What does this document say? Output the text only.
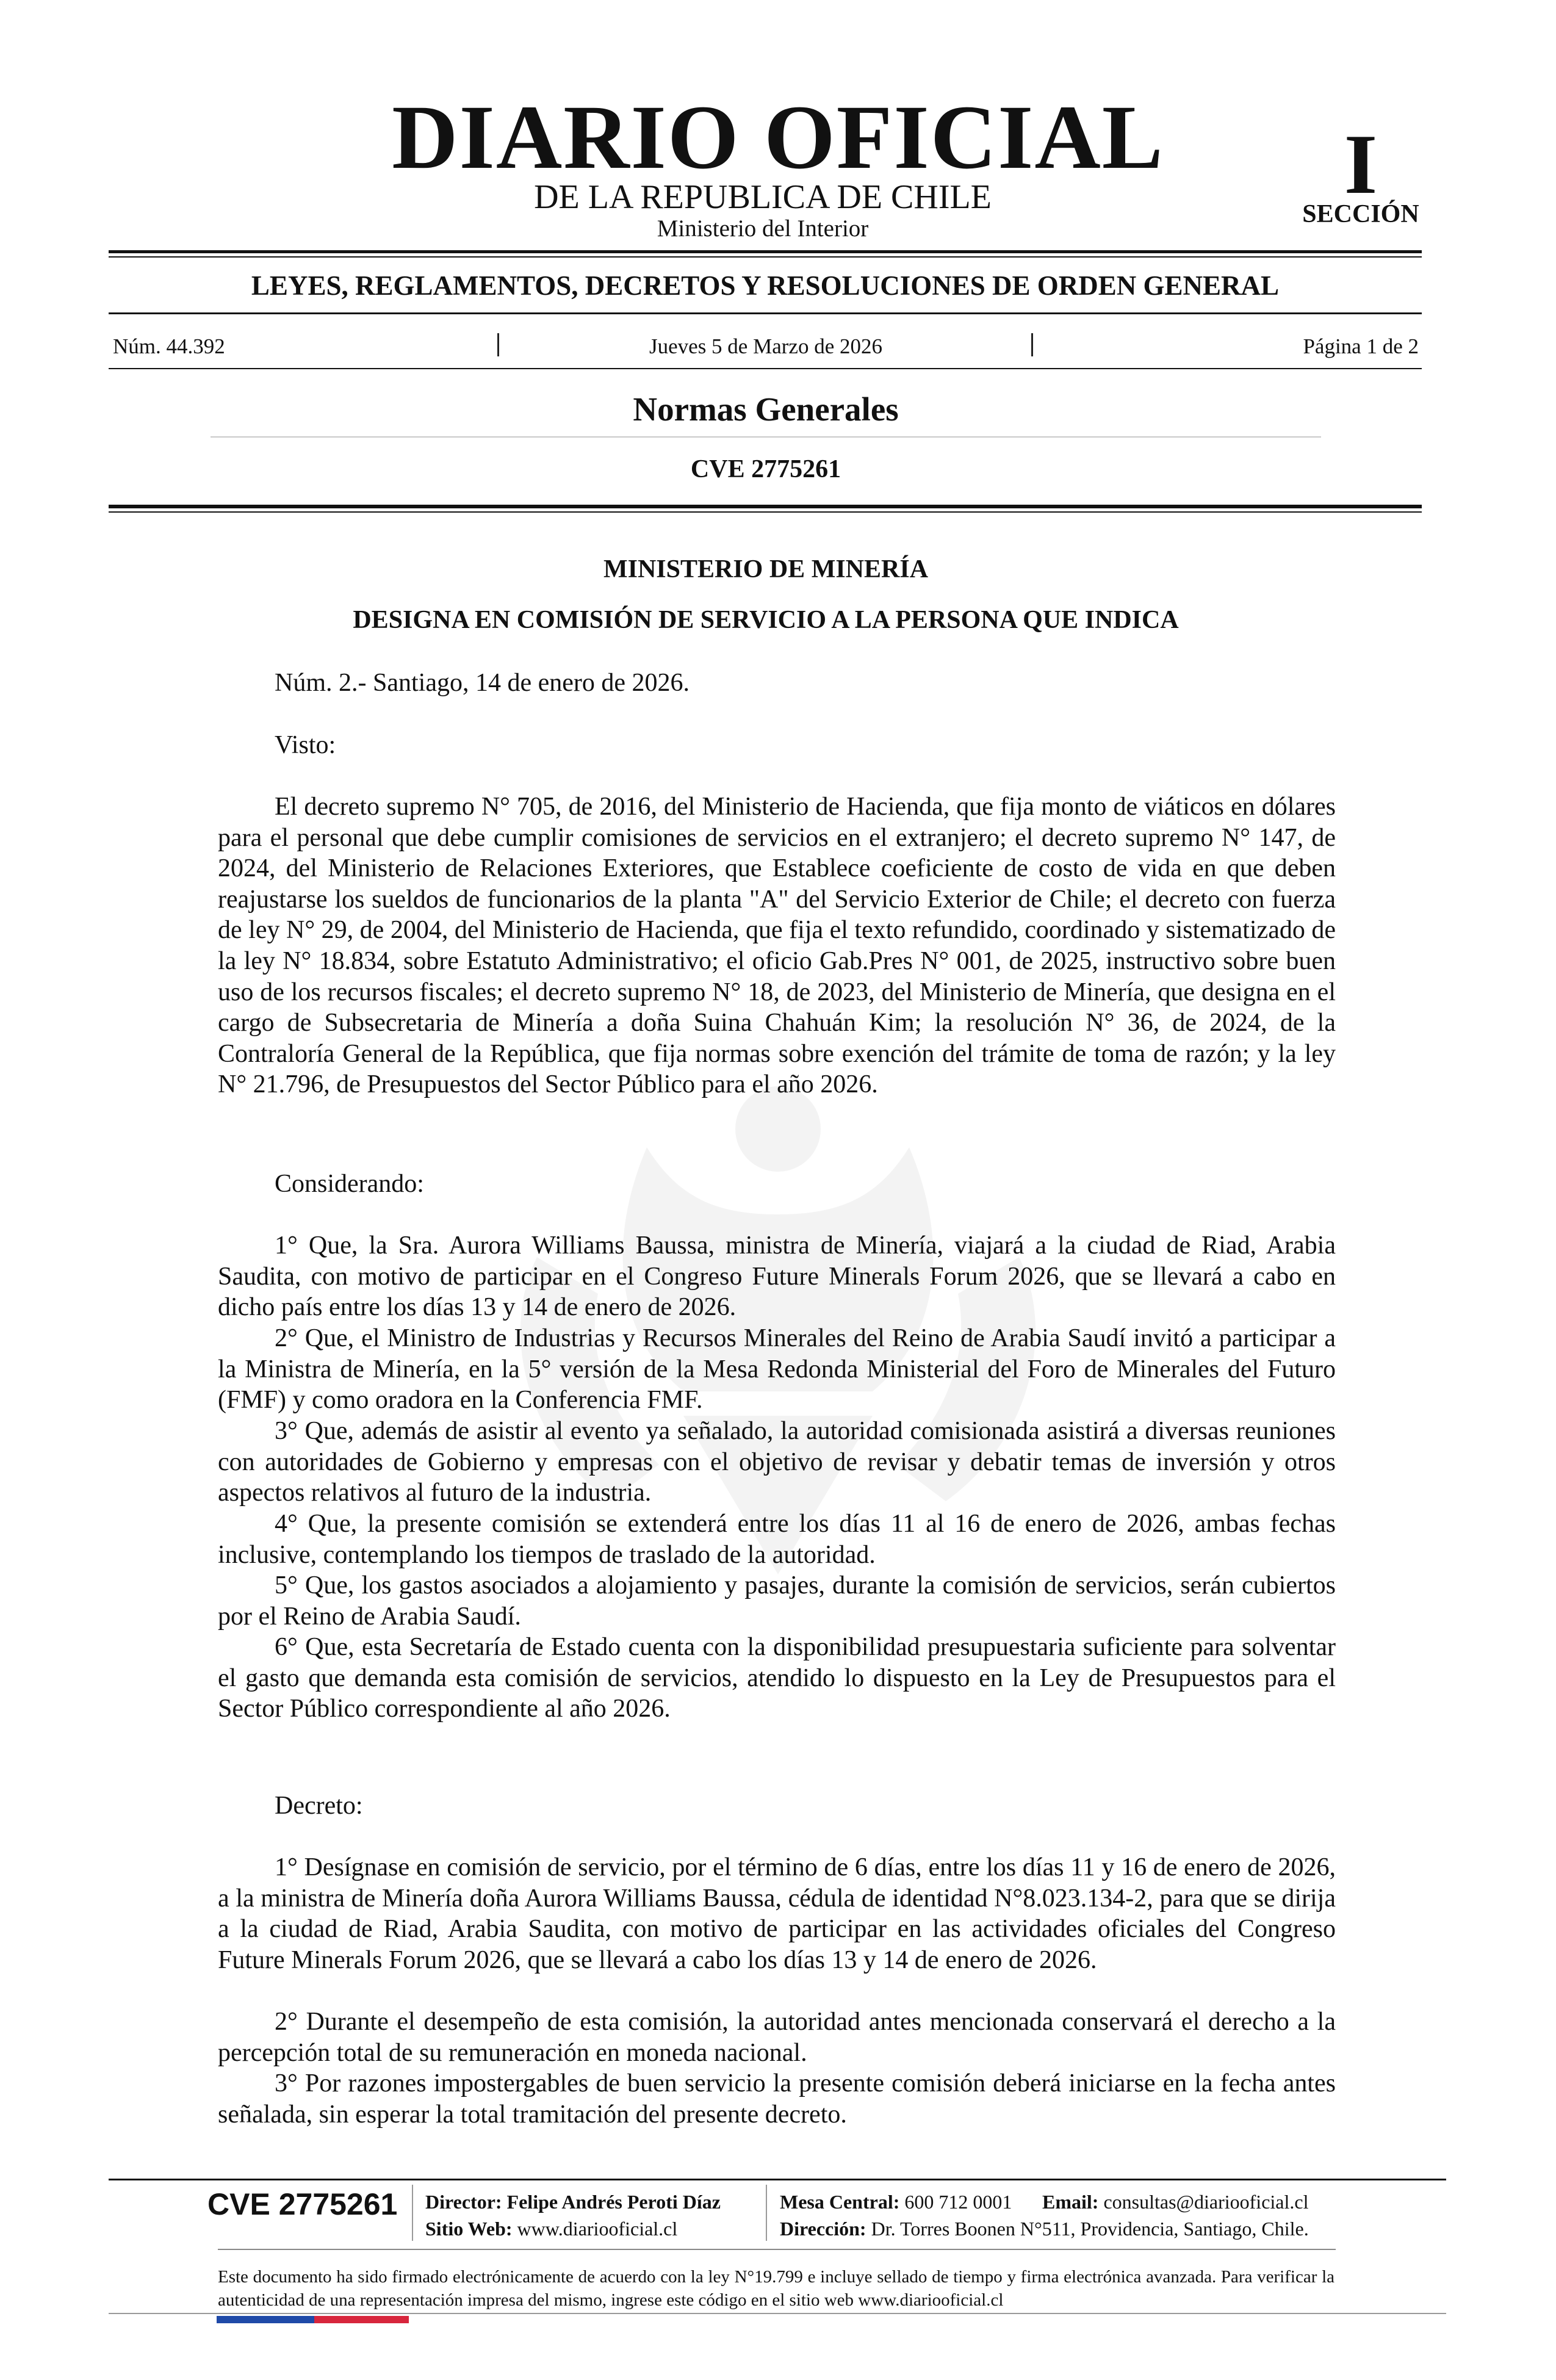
DIARIO OFICIAL
DE LA REPUBLICA DE CHILE
Ministerio del Interior
I
SECCIÓN
LEYES, REGLAMENTOS, DECRETOS Y RESOLUCIONES DE ORDEN GENERAL
Núm. 44.392	Jueves 5 de Marzo de 2026	Página 1 de 2
Normas Generales
CVE 2775261
MINISTERIO DE MINERÍA
DESIGNA EN COMISIÓN DE SERVICIO A LA PERSONA QUE INDICA
Núm. 2.- Santiago, 14 de enero de 2026.
Visto:
El decreto supremo N° 705, de 2016, del Ministerio de Hacienda, que fija monto de viáticos en dólares para el personal que debe cumplir comisiones de servicios en el extranjero; el decreto supremo N° 147, de 2024, del Ministerio de Relaciones Exteriores, que Establece coeficiente de costo de vida en que deben reajustarse los sueldos de funcionarios de la planta "A" del Servicio Exterior de Chile; el decreto con fuerza de ley N° 29, de 2004, del Ministerio de Hacienda, que fija el texto refundido, coordinado y sistematizado de la ley N° 18.834, sobre Estatuto Administrativo; el oficio Gab.Pres N° 001, de 2025, instructivo sobre buen uso de los recursos fiscales; el decreto supremo N° 18, de 2023, del Ministerio de Minería, que designa en el cargo de Subsecretaria de Minería a doña Suina Chahuán Kim; la resolución N° 36, de 2024, de la Contraloría General de la República, que fija normas sobre exención del trámite de toma de razón; y la ley N° 21.796, de Presupuestos del Sector Público para el año 2026.
Considerando:
1° Que, la Sra. Aurora Williams Baussa, ministra de Minería, viajará a la ciudad de Riad, Arabia Saudita, con motivo de participar en el Congreso Future Minerals Forum 2026, que se llevará a cabo en dicho país entre los días 13 y 14 de enero de 2026.
2° Que, el Ministro de Industrias y Recursos Minerales del Reino de Arabia Saudí invitó a participar a la Ministra de Minería, en la 5° versión de la Mesa Redonda Ministerial del Foro de Minerales del Futuro (FMF) y como oradora en la Conferencia FMF.
3° Que, además de asistir al evento ya señalado, la autoridad comisionada asistirá a diversas reuniones con autoridades de Gobierno y empresas con el objetivo de revisar y debatir temas de inversión y otros aspectos relativos al futuro de la industria.
4° Que, la presente comisión se extenderá entre los días 11 al 16 de enero de 2026, ambas fechas inclusive, contemplando los tiempos de traslado de la autoridad.
5° Que, los gastos asociados a alojamiento y pasajes, durante la comisión de servicios, serán cubiertos por el Reino de Arabia Saudí.
6° Que, esta Secretaría de Estado cuenta con la disponibilidad presupuestaria suficiente para solventar el gasto que demanda esta comisión de servicios, atendido lo dispuesto en la Ley de Presupuestos para el Sector Público correspondiente al año 2026.
Decreto:
1° Desígnase en comisión de servicio, por el término de 6 días, entre los días 11 y 16 de enero de 2026, a la ministra de Minería doña Aurora Williams Baussa, cédula de identidad N°8.023.134-2, para que se dirija a la ciudad de Riad, Arabia Saudita, con motivo de participar en las actividades oficiales del Congreso Future Minerals Forum 2026, que se llevará a cabo los días 13 y 14 de enero de 2026.
2° Durante el desempeño de esta comisión, la autoridad antes mencionada conservará el derecho a la percepción total de su remuneración en moneda nacional.
3° Por razones impostergables de buen servicio la presente comisión deberá iniciarse en la fecha antes señalada, sin esperar la total tramitación del presente decreto.
CVE 2775261 Director: Felipe Andrés Peroti Díaz
Sitio Web: www.diariooficial.cl
Mesa Central: 600 712 0001 Email: consultas@diariooficial.cl
Dirección: Dr. Torres Boonen N°511, Providencia, Santiago, Chile.
Este documento ha sido firmado electrónicamente de acuerdo con la ley N°19.799 e incluye sellado de tiempo y firma electrónica avanzada. Para verificar la autenticidad de una representación impresa del mismo, ingrese este código en el sitio web www.diariooficial.cl
